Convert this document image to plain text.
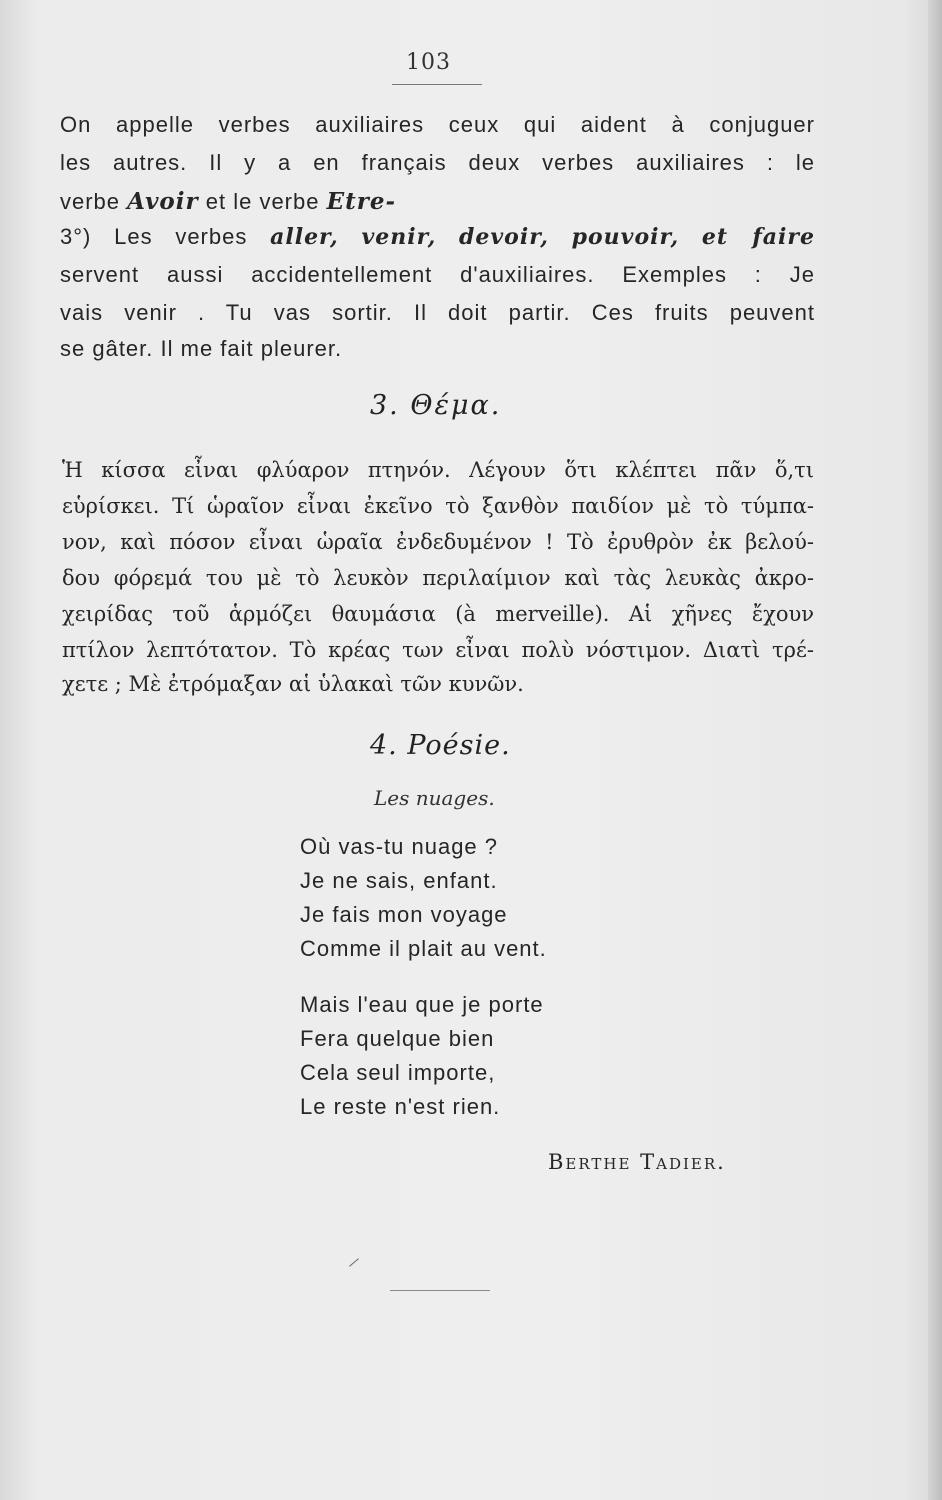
103
On appelle verbes auxiliaires ceux qui aident à conjuguer
les autres. Il y a en français deux verbes auxiliaires : le
verbe Avoir et le verbe Etre-
3°) Les verbes aller, venir, devoir, pouvoir, et faire
servent aussi accidentellement d'auxiliaires. Exemples : Je
vais venir . Tu vas sortir. Il doit partir. Ces fruits peuvent
se gâter. Il me fait pleurer.
3. Θέμα.
Ἡ κίσσα εἶναι φλύαρον πτηνόν. Λέγουν ὅτι κλέπτει πᾶν ὅ,τι
εὑρίσκει. Τί ὡραῖον εἶναι ἐκεῖνο τὸ ξανθὸν παιδίον μὲ τὸ τύμπα-
νον, καὶ πόσον εἶναι ὡραῖα ἐνδεδυμένον ! Τὸ ἐρυθρὸν ἐκ βελού-
δου φόρεμά του μὲ τὸ λευκὸν περιλαίμιον καὶ τὰς λευκὰς ἀκρο-
χειρίδας τοῦ ἁρμόζει θαυμάσια (à merveille). Αἱ χῆνες ἔχουν
πτίλον λεπτότατον. Τὸ κρέας των εἶναι πολὺ νόστιμον. Διατὶ τρέ-
χετε ; Μὲ ἐτρόμαξαν αἱ ὑλακαὶ τῶν κυνῶν.
4. Poésie.
Les nuages.
Où vas-tu nuage ?
Je ne sais, enfant.
Je fais mon voyage
Comme il plait au vent.
Mais l'eau que je porte
Fera quelque bien
Cela seul importe,
Le reste n'est rien.
Berthe Tadier.
